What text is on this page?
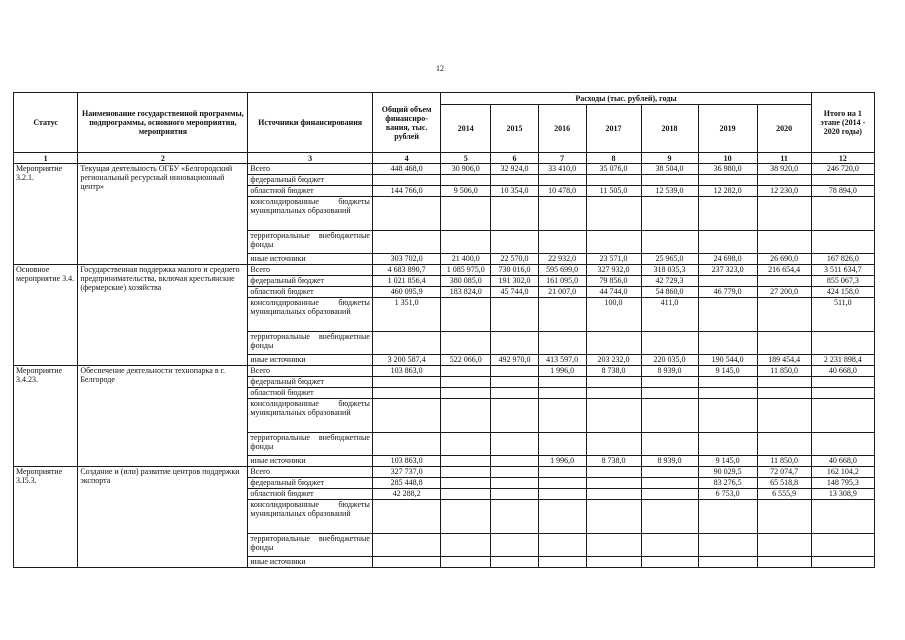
12
Статус	Наименование государственной программы, подпрограммы, основного мероприятия, мероприятия	Источники финансирования	Общий объем финансиро-вания, тыс. рублей	Расходы (тыс. рублей), годы							Итого на 1 этапе (2014 - 2020 годы)
				2014	2015	2016	2017	2018	2019	2020	
1	2	3	4	5	6	7	8	9	10	11	12
Мероприятие 3.2.1.	Текущая деятельность ОГБУ «Белгородский региональный ресурсный инновационный центр»	Всего	448 468,0	30 906,0	32 924,0	33 410,0	35 076,0	38 504,0	36 980,0	38 920,0	246 720,0
		федеральный бюджет									
		областной бюджет	144 766,0	9 506,0	10 354,0	10 478,0	11 505,0	12 539,0	12 282,0	12 230,0	78 894,0
		консолидированные бюджеты муниципальных образований									
		территориальные внебюджетные фонды									
		иные источники	303 702,0	21 400,0	22 570,0	22 932,0	23 571,0	25 965,0	24 698,0	26 690,0	167 826,0
Основное мероприятие 3.4.	Государственная поддержка малого и среднего предпринимательства, включая крестьянские (фермерские) хозяйства	Всего	4 683 890,7	1 085 975,0	730 016,0	595 699,0	327 932,0	318 035,3	237 323,0	216 654,4	3 511 634,7
		федеральный бюджет	1 021 856,4	380 085,0	191 302,0	161 095,0	79 856,0	42 729,3			855 067,3
		областной бюджет	460 095,9	183 824,0	45 744,0	21 007,0	44 744,0	54 860,0	46 779,0	27 200,0	424 158,0
		консолидированные бюджеты муниципальных образований	1 351,0				100,0	411,0			511,0
		территориальные внебюджетные фонды									
		иные источники	3 200 587,4	522 066,0	492 970,0	413 597,0	203 232,0	220 035,0	190 544,0	189 454,4	2 231 898,4
Мероприятие 3.4.23.	Обеспечение деятельности технопарка в г. Белгороде	Всего	103 863,0			1 996,0	8 738,0	8 939,0	9 145,0	11 850,0	40 668,0
		федеральный бюджет									
		областной бюджет									
		консолидированные бюджеты муниципальных образований									
		территориальные внебюджетные фонды									
		иные источники	103 863,0			1 996,0	8 738,0	8 939,0	9 145,0	11 850,0	40 668,0
Мероприятие 3.I5.3.	Создание и (или) развитие центров поддержки экспорта	Всего	327 737,0						90 029,5	72 074,7	162 104,2
		федеральный бюджет	285 448,8						83 276,5	65 518,8	148 795,3
		областной бюджет	42 288,2						6 753,0	6 555,9	13 308,9
		консолидированные бюджеты муниципальных образований									
		территориальные внебюджетные фонды									
		иные источники									
